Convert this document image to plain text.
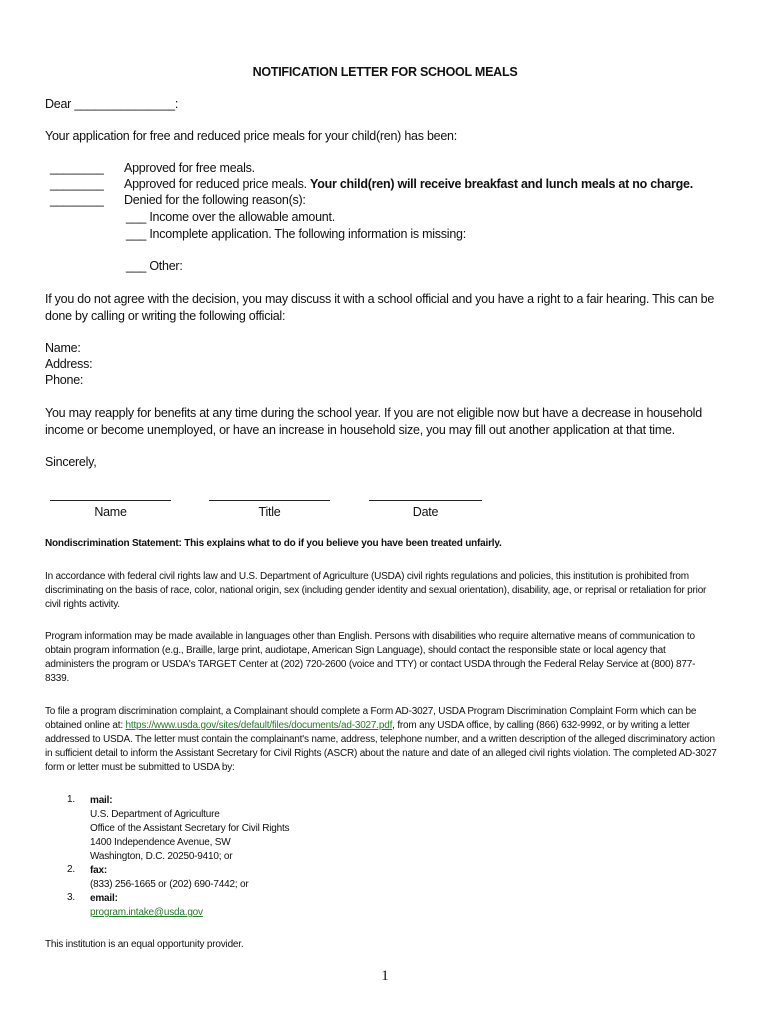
NOTIFICATION LETTER FOR SCHOOL MEALS
Dear _______________:
Your application for free and reduced price meals for your child(ren) has been:
________ Approved for free meals.
________ Approved for reduced price meals. Your child(ren) will receive breakfast and lunch meals at no charge.
________ Denied for the following reason(s):
___ Income over the allowable amount.
___ Incomplete application. The following information is missing:
___ Other:
If you do not agree with the decision, you may discuss it with a school official and you have a right to a fair hearing. This can be done by calling or writing the following official:
Name:
Address:
Phone:
You may reapply for benefits at any time during the school year. If you are not eligible now but have a decrease in household income or become unemployed, or have an increase in household size, you may fill out another application at that time.
Sincerely,
Name	Title	Date
Nondiscrimination Statement: This explains what to do if you believe you have been treated unfairly.
In accordance with federal civil rights law and U.S. Department of Agriculture (USDA) civil rights regulations and policies, this institution is prohibited from discriminating on the basis of race, color, national origin, sex (including gender identity and sexual orientation), disability, age, or reprisal or retaliation for prior civil rights activity.
Program information may be made available in languages other than English. Persons with disabilities who require alternative means of communication to obtain program information (e.g., Braille, large print, audiotape, American Sign Language), should contact the responsible state or local agency that administers the program or USDA's TARGET Center at (202) 720-2600 (voice and TTY) or contact USDA through the Federal Relay Service at (800) 877-8339.
To file a program discrimination complaint, a Complainant should complete a Form AD-3027, USDA Program Discrimination Complaint Form which can be obtained online at: https://www.usda.gov/sites/default/files/documents/ad-3027.pdf, from any USDA office, by calling (866) 632-9992, or by writing a letter addressed to USDA. The letter must contain the complainant's name, address, telephone number, and a written description of the alleged discriminatory action in sufficient detail to inform the Assistant Secretary for Civil Rights (ASCR) about the nature and date of an alleged civil rights violation. The completed AD-3027 form or letter must be submitted to USDA by:
1. mail:
U.S. Department of Agriculture
Office of the Assistant Secretary for Civil Rights
1400 Independence Avenue, SW
Washington, D.C. 20250-9410; or
2. fax:
(833) 256-1665 or (202) 690-7442; or
3. email:
program.intake@usda.gov
This institution is an equal opportunity provider.
1
